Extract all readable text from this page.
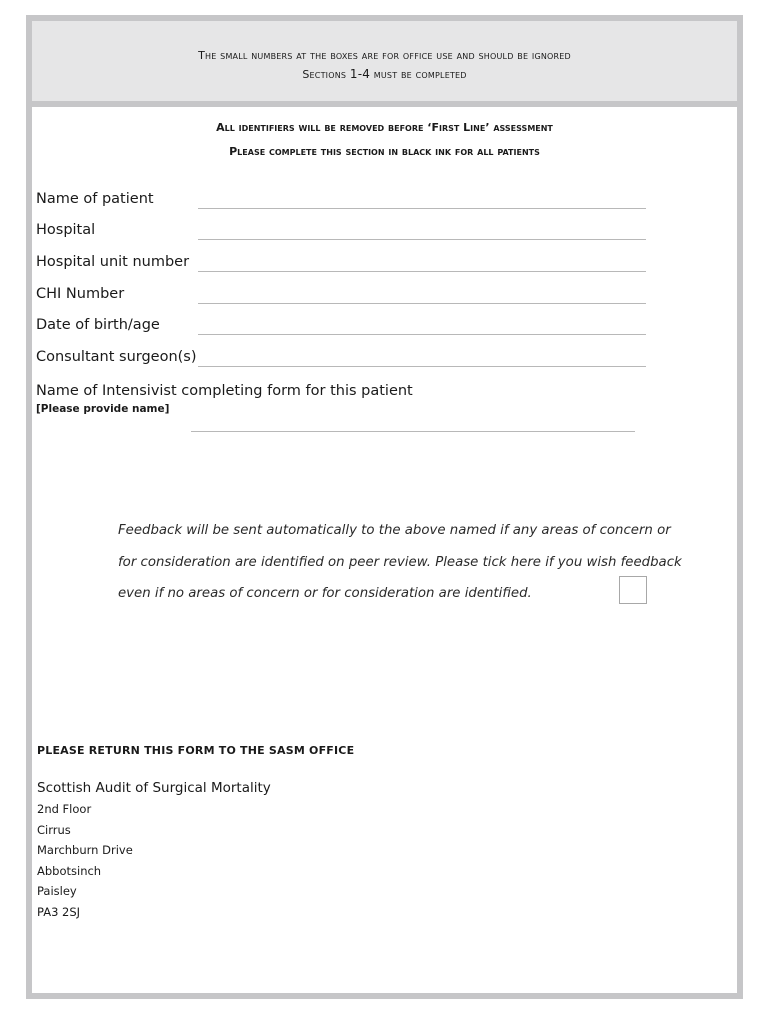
The small numbers at the boxes are for office use and should be ignored
Sections 1-4 must be completed
All identifiers will be removed before ‘First Line’ assessment
Please complete this section in black ink for all patients
Name of patient
Hospital
Hospital unit number
CHI Number
Date of birth/age
Consultant surgeon(s)
Name of Intensivist completing form for this patient
[Please provide name]
Feedback will be sent automatically to the above named if any areas of concern or
for consideration are identified on peer review. Please tick here if you wish feedback
even if no areas of concern or for consideration are identified.
PLEASE RETURN THIS FORM TO THE SASM OFFICE
Scottish Audit of Surgical Mortality
2nd Floor
Cirrus
Marchburn Drive
Abbotsinch
Paisley
PA3 2SJ
